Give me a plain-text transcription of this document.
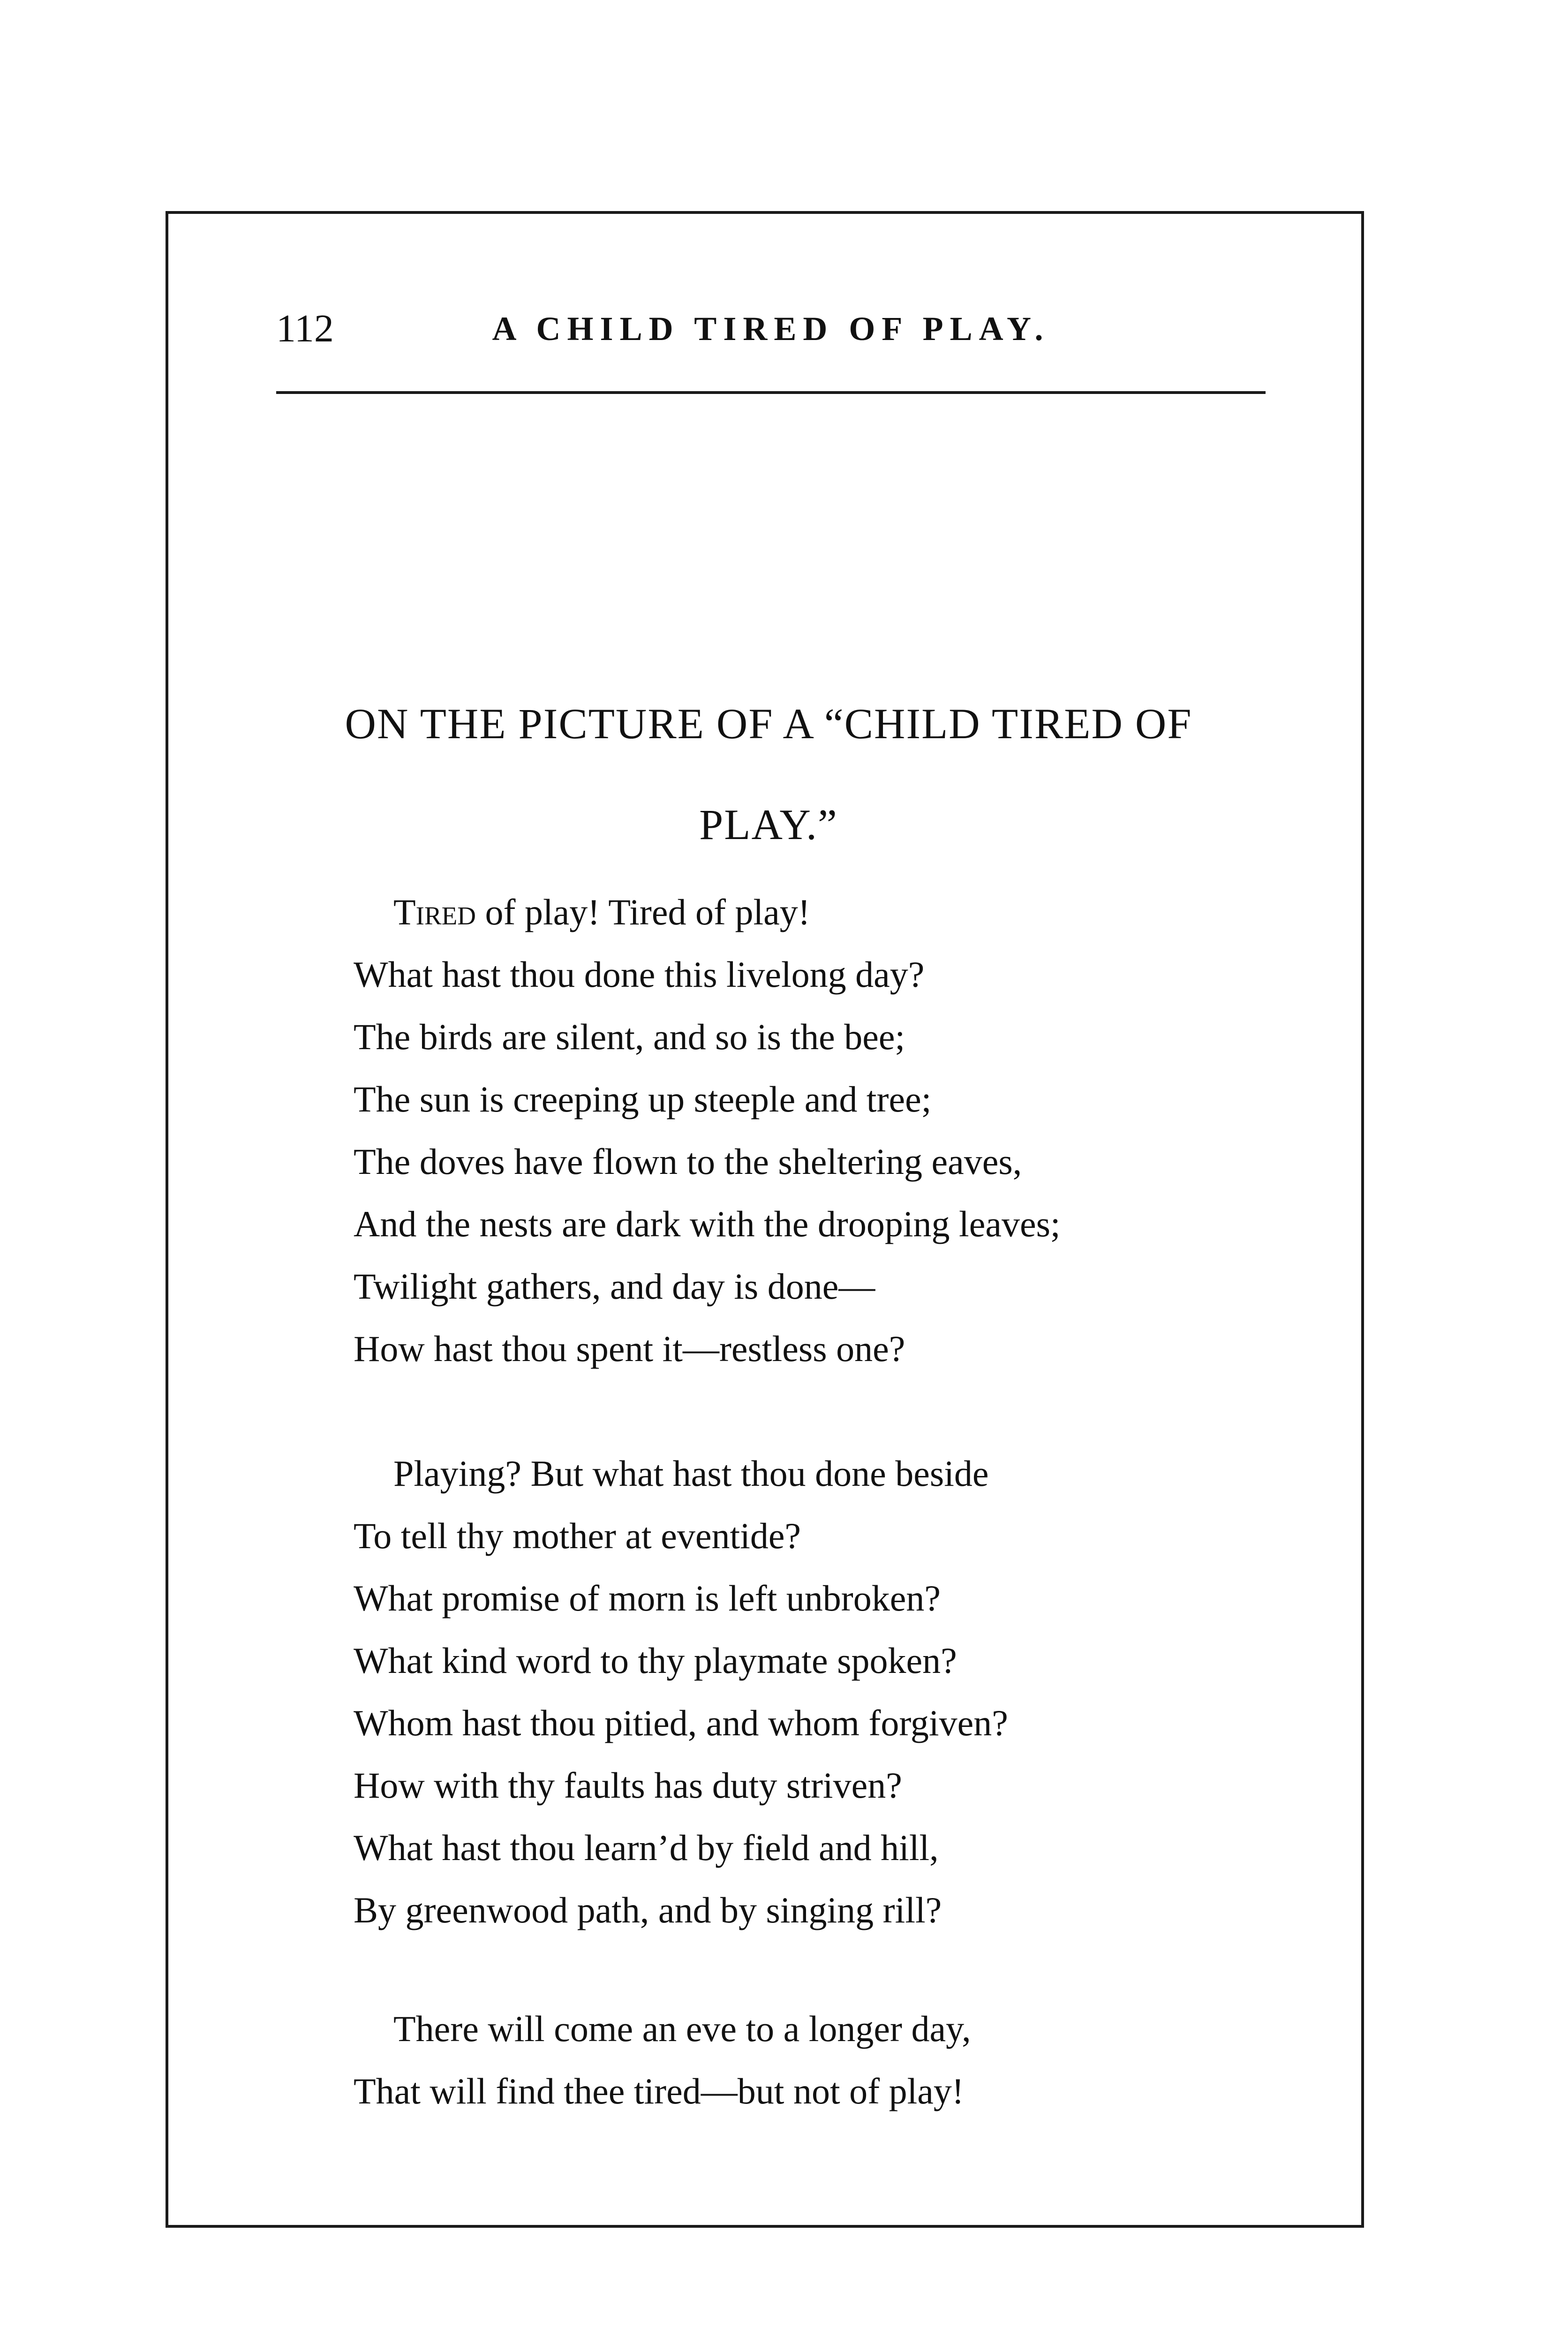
112	A CHILD TIRED OF PLAY.
ON THE PICTURE OF A “CHILD TIRED OF
PLAY.”
Tired of play! Tired of play!
What hast thou done this livelong day?
The birds are silent, and so is the bee;
The sun is creeping up steeple and tree;
The doves have flown to the sheltering eaves,
And the nests are dark with the drooping leaves;
Twilight gathers, and day is done—
How hast thou spent it—restless one?
Playing? But what hast thou done beside
To tell thy mother at eventide?
What promise of morn is left unbroken?
What kind word to thy playmate spoken?
Whom hast thou pitied, and whom forgiven?
How with thy faults has duty striven?
What hast thou learn’d by field and hill,
By greenwood path, and by singing rill?
There will come an eve to a longer day,
That will find thee tired—but not of play!
